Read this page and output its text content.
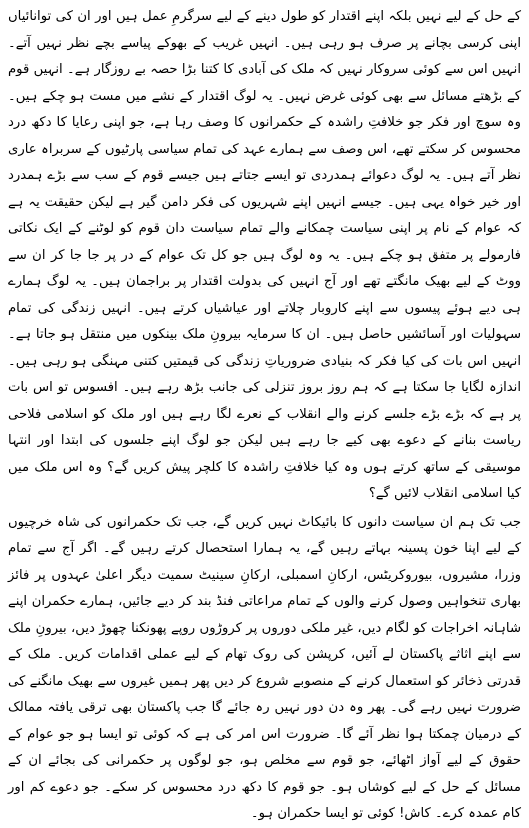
کے حل کے لیے نہیں بلکہ اپنے اقتدار کو طول دینے کے لیے سرگرمِ عمل ہیں اور ان کی توانائیاں اپنی کرسی بچانے پر صرف ہو رہی ہیں۔ انہیں غریب کے بھوکے پیاسے بچے نظر نہیں آتے۔ انہیں اس سے کوئی سروکار نہیں کہ ملک کی آبادی کا کتنا بڑا حصہ بے روزگار ہے۔ انہیں قوم کے بڑھتے مسائل سے بھی کوئی غرض نہیں۔ یہ لوگ اقتدار کے نشے میں مست ہو چکے ہیں۔ وہ سوچ اور فکر جو خلافتِ راشدہ کے حکمرانوں کا وصف رہا ہے، جو اپنی رعایا کا دکھ درد محسوس کر سکتے تھے، اس وصف سے ہمارے عہد کی تمام سیاسی پارٹیوں کے سربراہ عاری نظر آتے ہیں۔ یہ لوگ دعوائے ہمدردی تو ایسے جتاتے ہیں جیسے قوم کے سب سے بڑے ہمدرد اور خیر خواہ یہی ہیں۔ جیسے انہیں اپنے شہریوں کی فکر دامن گیر ہے لیکن حقیقت یہ ہے کہ عوام کے نام پر اپنی سیاست چمکانے والے تمام سیاست دان قوم کو لوٹنے کے ایک نکاتی فارمولے پر متفق ہو چکے ہیں۔ یہ وہ لوگ ہیں جو کل تک عوام کے در پر جا جا کر ان سے ووٹ کے لیے بھیک مانگتے تھے اور آج انہیں کی بدولت اقتدار پر براجمان ہیں۔ یہ لوگ ہمارے ہی دیے ہوئے پیسوں سے اپنے کاروبار چلاتے اور عیاشیاں کرتے ہیں۔ انہیں زندگی کی تمام سہولیات اور آسائشیں حاصل ہیں۔ ان کا سرمایہ بیرونِ ملک بینکوں میں منتقل ہو جاتا ہے۔ انہیں اس بات کی کیا فکر کہ بنیادی ضروریاتِ زندگی کی قیمتیں کتنی مہنگی ہو رہی ہیں۔ اندازہ لگایا جا سکتا ہے کہ ہم روز بروز تنزلی کی جانب بڑھ رہے ہیں۔ افسوس تو اس بات پر ہے کہ بڑے بڑے جلسے کرنے والے انقلاب کے نعرے لگا رہے ہیں اور ملک کو اسلامی فلاحی ریاست بنانے کے دعوے بھی کیے جا رہے ہیں لیکن جو لوگ اپنے جلسوں کی ابتدا اور انتہا موسیقی کے ساتھ کرتے ہوں وہ کیا خلافتِ راشدہ کا کلچر پیش کریں گے؟ وہ اس ملک میں کیا اسلامی انقلاب لائیں گے؟

جب تک ہم ان سیاست دانوں کا بائیکاٹ نہیں کریں گے، جب تک حکمرانوں کی شاہ خرچیوں کے لیے اپنا خون پسینہ بہاتے رہیں گے، یہ ہمارا استحصال کرتے رہیں گے۔ اگر آج سے تمام وزرا، مشیروں، بیوروکریٹس، ارکانِ اسمبلی، ارکانِ سینیٹ سمیت دیگر اعلیٰ عہدوں پر فائز بھاری تنخواہیں وصول کرنے والوں کے تمام مراعاتی فنڈ بند کر دیے جائیں، ہمارے حکمران اپنے شاہانہ اخراجات کو لگام دیں، غیر ملکی دوروں پر کروڑوں روپے پھونکنا چھوڑ دیں، بیرونِ ملک سے اپنے اثاثے پاکستان لے آئیں، کرپشن کی روک تھام کے لیے عملی اقدامات کریں۔ ملک کے قدرتی ذخائر کو استعمال کرنے کے منصوبے شروع کر دیں پھر ہمیں غیروں سے بھیک مانگنے کی ضرورت نہیں رہے گی۔ پھر وہ دن دور نہیں رہ جائے گا جب پاکستان بھی ترقی یافتہ ممالک کے درمیان چمکتا ہوا نظر آئے گا۔ ضرورت اس امر کی ہے کہ کوئی تو ایسا ہو جو عوام کے حقوق کے لیے آواز اٹھائے، جو قوم سے مخلص ہو، جو لوگوں پر حکمرانی کی بجائے ان کے مسائل کے حل کے لیے کوشاں ہو۔ جو قوم کا دکھ درد محسوس کر سکے۔ جو دعوے کم اور کام عمدہ کرے۔ کاش! کوئی تو ایسا حکمران ہو۔
